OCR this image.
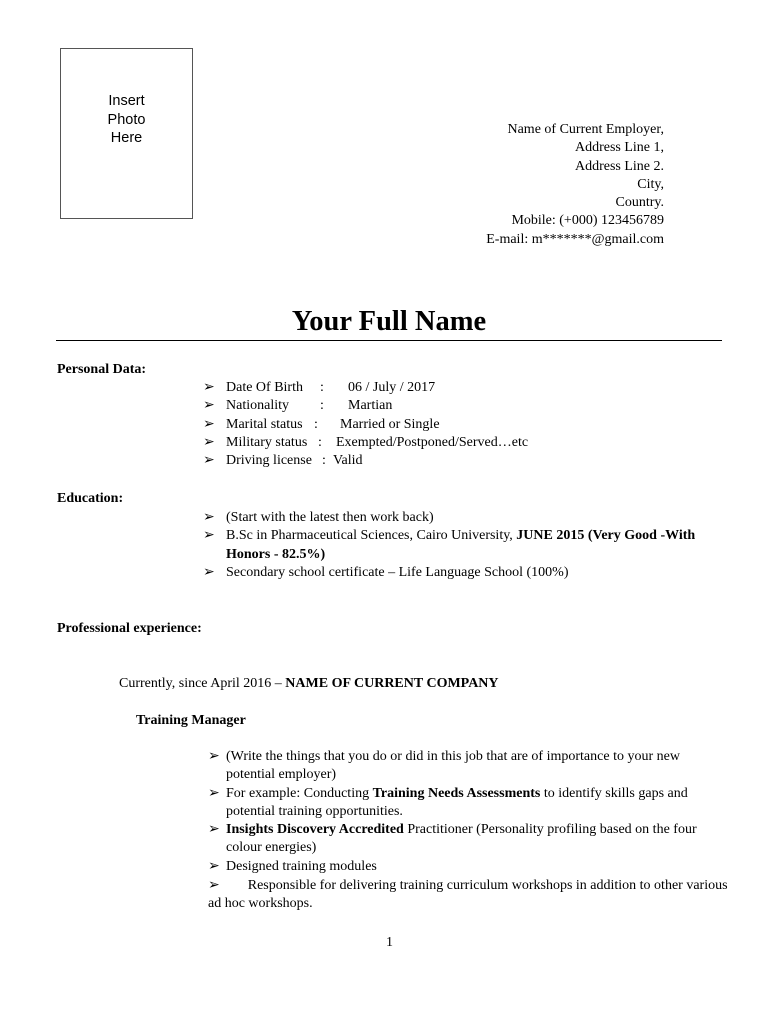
Insert
Photo
Here
Name of Current Employer,
Address Line 1,
Address Line 2.
City,
Country.
Mobile: (+000) 123456789
E-mail: m*******@gmail.com
Your Full Name
Personal Data:
➢ Date Of Birth : 06 / July / 2017
➢ Nationality : Martian
➢ Marital status : Married or Single
➢ Military status : Exempted/Postponed/Served…etc
➢ Driving license : Valid
Education:
➢ (Start with the latest then work back)
➢ B.Sc in Pharmaceutical Sciences, Cairo University, JUNE 2015 (Very Good -With Honors - 82.5%)
➢ Secondary school certificate – Life Language School (100%)
Professional experience:
Currently, since April 2016 – NAME OF CURRENT COMPANY
Training Manager
➢ (Write the things that you do or did in this job that are of importance to your new potential employer)
➢ For example: Conducting Training Needs Assessments to identify skills gaps and potential training opportunities.
➢ Insights Discovery Accredited Practitioner (Personality profiling based on the four colour energies)
➢ Designed training modules
➢ Responsible for delivering training curriculum workshops in addition to other various ad hoc workshops.
1
